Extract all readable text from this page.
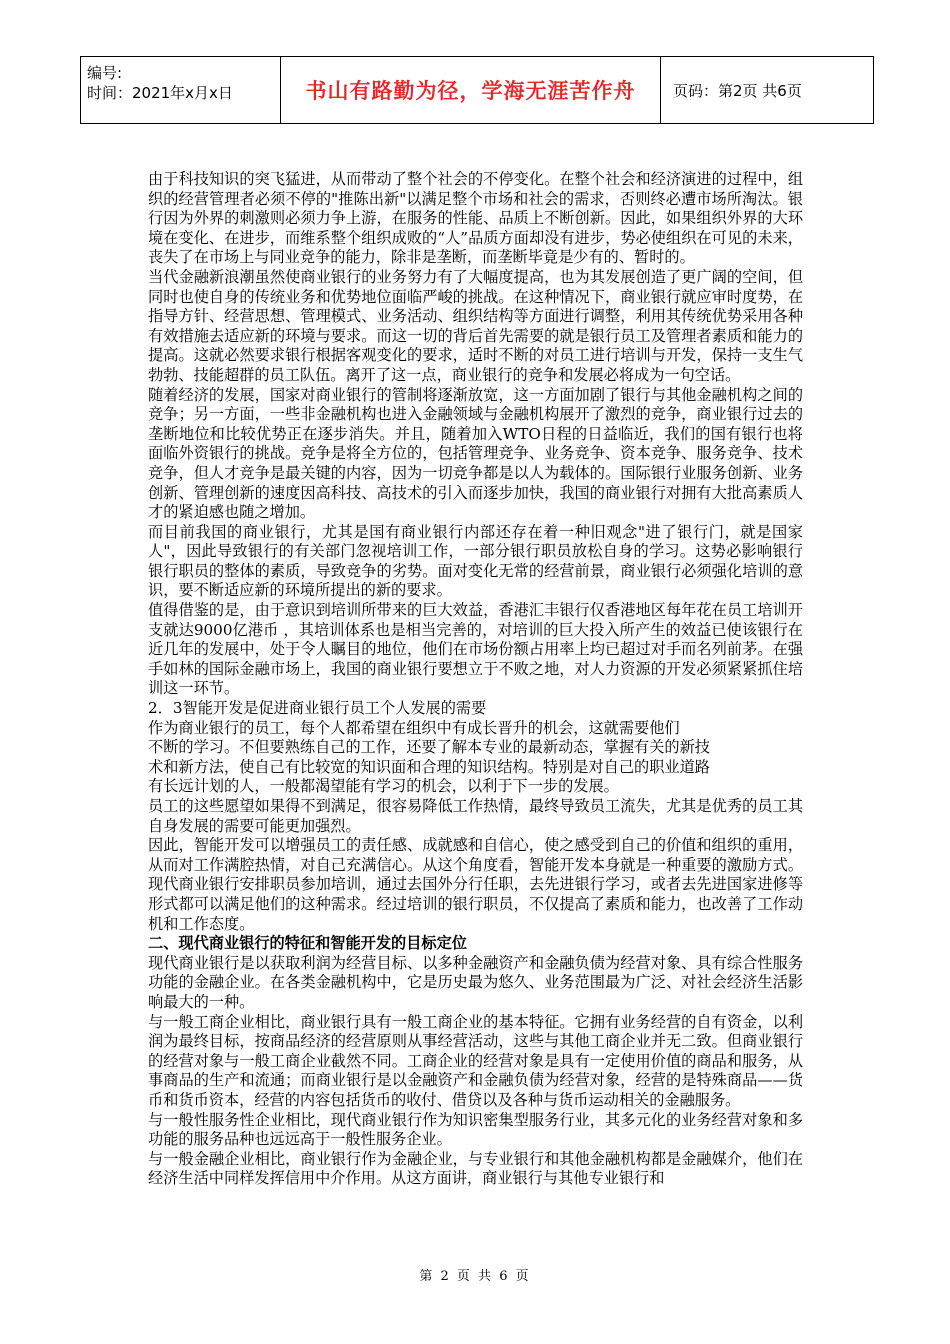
编号:
时间：2021年x月x日	书山有路勤为径，学海无涯苦作舟	页码：第2页 共6页

由于科技知识的突飞猛进，从而带动了整个社会的不停变化。在整个社会和经济演进的过程中，组织的经营管理者必须不停的"推陈出新"以满足整个市场和社会的需求，否则终必遭市场所淘汰。银行因为外界的刺激则必须力争上游，在服务的性能、品质上不断创新。因此，如果组织外界的大环境在变化、在进步，而维系整个组织成败的“人”品质方面却没有进步，势必使组织在可见的未来，丧失了在市场上与同业竞争的能力，除非是垄断，而垄断毕竟是少有的、暂时的。

当代金融新浪潮虽然使商业银行的业务努力有了大幅度提高，也为其发展创造了更广阔的空间，但同时也使自身的传统业务和优势地位面临严峻的挑战。在这种情况下，商业银行就应审时度势，在指导方针、经营思想、管理模式、业务活动、组织结构等方面进行调整，利用其传统优势采用各种有效措施去适应新的环境与要求。而这一切的背后首先需要的就是银行员工及管理者素质和能力的提高。这就必然要求银行根据客观变化的要求，适时不断的对员工进行培训与开发，保持一支生气勃勃、技能超群的员工队伍。离开了这一点，商业银行的竞争和发展必将成为一句空话。

随着经济的发展，国家对商业银行的管制将逐渐放宽，这一方面加剧了银行与其他金融机构之间的竞争；另一方面，一些非金融机构也进入金融领域与金融机构展开了激烈的竞争，商业银行过去的垄断地位和比较优势正在逐步消失。并且，随着加入WTO日程的日益临近，我们的国有银行也将面临外资银行的挑战。竞争是将全方位的，包括管理竞争、业务竞争、资本竞争、服务竞争、技术竞争，但人才竞争是最关键的内容，因为一切竞争都是以人为载体的。国际银行业服务创新、业务创新、管理创新的速度因高科技、高技术的引入而逐步加快，我国的商业银行对拥有大批高素质人才的紧迫感也随之增加。

而目前我国的商业银行，尤其是国有商业银行内部还存在着一种旧观念"进了银行门，就是国家人"，因此导致银行的有关部门忽视培训工作，一部分银行职员放松自身的学习。这势必影响银行银行职员的整体的素质，导致竞争的劣势。面对变化无常的经营前景，商业银行必须强化培训的意识，要不断适应新的环境所提出的新的要求。

值得借鉴的是，由于意识到培训所带来的巨大效益，香港汇丰银行仅香港地区每年花在员工培训开支就达9000亿港币 ，其培训体系也是相当完善的，对培训的巨大投入所产生的效益已使该银行在近几年的发展中，处于令人瞩目的地位，他们在市场份额占用率上均已超过对手而名列前茅。在强手如林的国际金融市场上，我国的商业银行要想立于不败之地，对人力资源的开发必须紧紧抓住培训这一环节。

2．3智能开发是促进商业银行员工个人发展的需要

作为商业银行的员工，每个人都希望在组织中有成长晋升的机会，这就需要他们

不断的学习。不但要熟练自己的工作，还要了解本专业的最新动态，掌握有关的新技

术和新方法，使自己有比较宽的知识面和合理的知识结构。特别是对自己的职业道路

有长远计划的人，一般都渴望能有学习的机会，以利于下一步的发展。

员工的这些愿望如果得不到满足，很容易降低工作热情，最终导致员工流失，尤其是优秀的员工其自身发展的需要可能更加强烈。

因此，智能开发可以增强员工的责任感、成就感和自信心，使之感受到自己的价值和组织的重用，从而对工作满腔热情，对自己充满信心。从这个角度看，智能开发本身就是一种重要的激励方式。现代商业银行安排职员参加培训，通过去国外分行任职，去先进银行学习，或者去先进国家进修等形式都可以满足他们的这种需求。经过培训的银行职员，不仅提高了素质和能力，也改善了工作动机和工作态度。

二、现代商业银行的特征和智能开发的目标定位

现代商业银行是以获取利润为经营目标、以多种金融资产和金融负债为经营对象、具有综合性服务功能的金融企业。在各类金融机构中，它是历史最为悠久、业务范围最为广泛、对社会经济生活影响最大的一种。

与一般工商企业相比，商业银行具有一般工商企业的基本特征。它拥有业务经营的自有资金，以利润为最终目标，按商品经济的经营原则从事经营活动，这些与其他工商企业并无二致。但商业银行的经营对象与一般工商企业截然不同。工商企业的经营对象是具有一定使用价值的商品和服务，从事商品的生产和流通；而商业银行是以金融资产和金融负债为经营对象，经营的是特殊商品——货币和货币资本，经营的内容包括货币的收付、借贷以及各种与货币运动相关的金融服务。

与一般性服务性企业相比，现代商业银行作为知识密集型服务行业，其多元化的业务经营对象和多功能的服务品种也远远高于一般性服务企业。

与一般金融企业相比，商业银行作为金融企业，与专业银行和其他金融机构都是金融媒介，他们在经济生活中同样发挥信用中介作用。从这方面讲，商业银行与其他专业银行和

第 2 页 共 6 页
